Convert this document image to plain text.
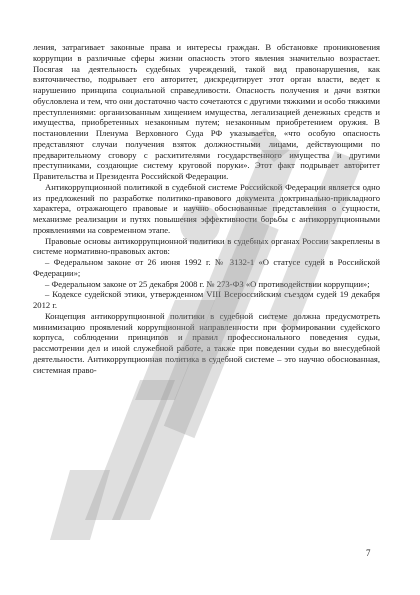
ления, затрагивает законные права и интересы граждан. В обстановке проникновения коррупции в различные сферы жизни опасность этого явления значительно возрастает. Посягая на деятельность судебных учреждений, такой вид правонарушения, как взяточничество, подрывает его авторитет, дискредитирует этот орган власти, ведет к нарушению принципа социальной справедливости. Опасность получения и дачи взятки обусловлена и тем, что они достаточно часто сочетаются с другими тяжкими и особо тяжкими преступлениями: организованным хищением имущества, легализацией денежных средств и имущества, приобретенных незаконным путем; незаконным приобретением оружия. В постановлении Пленума Верховного Суда РФ указывается, «что особую опасность представляют случаи получения взяток должностными лицами, действующими по предварительному сговору с расхитителями государственного имущества и другими преступниками, создающие систему круговой поруки». Этот факт подрывает авторитет Правительства и Президента Российской Федерации.

Антикоррупционной политикой в судебной системе Российской Федерации является одно из предложений по разработке политико-правового документа доктринально-прикладного характера, отражающего правовые и научно обоснованные представления о сущности, механизме реализации и путях повышения эффективности борьбы с антикоррупционными проявлениями на современном этапе.

Правовые основы антикоррупционной политики в судебных органах России закреплены в системе нормативно-правовых актов:

– Федеральном законе от 26 июня 1992 г. № 3132-1 «О статусе судей в Российской Федерации»;

– Федеральном законе от 25 декабря 2008 г. № 273-ФЗ «О противодействии коррупции»;

– Кодексе судейской этики, утвержденном VIII Всероссийским съездом судей 19 декабря 2012 г.

Концепция антикоррупционной политики в судебной системе должна предусмотреть минимизацию проявлений коррупционной направленности при формировании судейского корпуса, соблюдении принципов и правил профессионального поведения судьи, рассмотрении дел и иной служебной работе, а также при поведении судьи во внесудебной деятельности. Антикоррупционная политика в судебной системе – это научно обоснованная, системная право-

7
